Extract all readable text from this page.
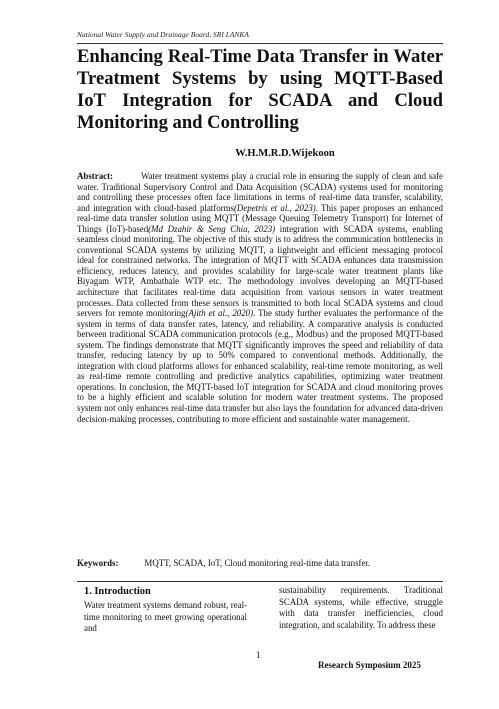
National Water Supply and Drainage Board, SRI LANKA
Enhancing Real-Time Data Transfer in Water Treatment Systems by using MQTT-Based IoT Integration for SCADA and Cloud Monitoring and Controlling
W.H.M.R.D.Wijekoon

Abstract:	Water treatment systems play a crucial role in ensuring the supply of clean and safe water. Traditional Supervisory Control and Data Acquisition (SCADA) systems used for monitoring and controlling these processes often face limitations in terms of real-time data transfer, scalability, and integration with cloud-based platforms(Depetris et al., 2023). This paper proposes an enhanced real-time data transfer solution using MQTT (Message Queuing Telemetry Transport) for Internet of Things (IoT)-based(Md Dzahir & Seng Chia, 2023) integration with SCADA systems, enabling seamless cloud monitoring. The objective of this study is to address the communication bottlenecks in conventional SCADA systems by utilizing MQTT, a lightweight and efficient messaging protocol ideal for constrained networks. The integration of MQTT with SCADA enhances data transmission efficiency, reduces latency, and provides scalability for large-scale water treatment plants like Biyagam WTP, Ambathale WTP etc. The methodology involves developing an MQTT-based architecture that facilitates real-time data acquisition from various sensors in water treatment processes. Data collected from these sensors is transmitted to both local SCADA systems and cloud servers for remote monitoring(Ajith et al., 2020). The study further evaluates the performance of the system in terms of data transfer rates, latency, and reliability. A comparative analysis is conducted between traditional SCADA communication protocols (e.g., Modbus) and the proposed MQTT-based system. The findings demonstrate that MQTT significantly improves the speed and reliability of data transfer, reducing latency by up to 50% compared to conventional methods. Additionally, the integration with cloud platforms allows for enhanced scalability, real-time remote monitoring, as well as real-time remote controlling and predictive analytics capabilities, optimizing water treatment operations. In conclusion, the MQTT-based IoT integration for SCADA and cloud monitoring proves to be a highly efficient and scalable solution for modern water treatment systems. The proposed system not only enhances real-time data transfer but also lays the foundation for advanced data-driven decision-making processes, contributing to more efficient and sustainable water management.

Keywords:	MQTT, SCADA, IoT, Cloud monitoring real-time data transfer.
1. Introduction

Water treatment systems demand robust, real-time monitoring to meet growing operational and

sustainability requirements. Traditional SCADA systems, while effective, struggle with data transfer inefficiencies, cloud integration, and scalability. To address these

1
Research Symposium 2025
